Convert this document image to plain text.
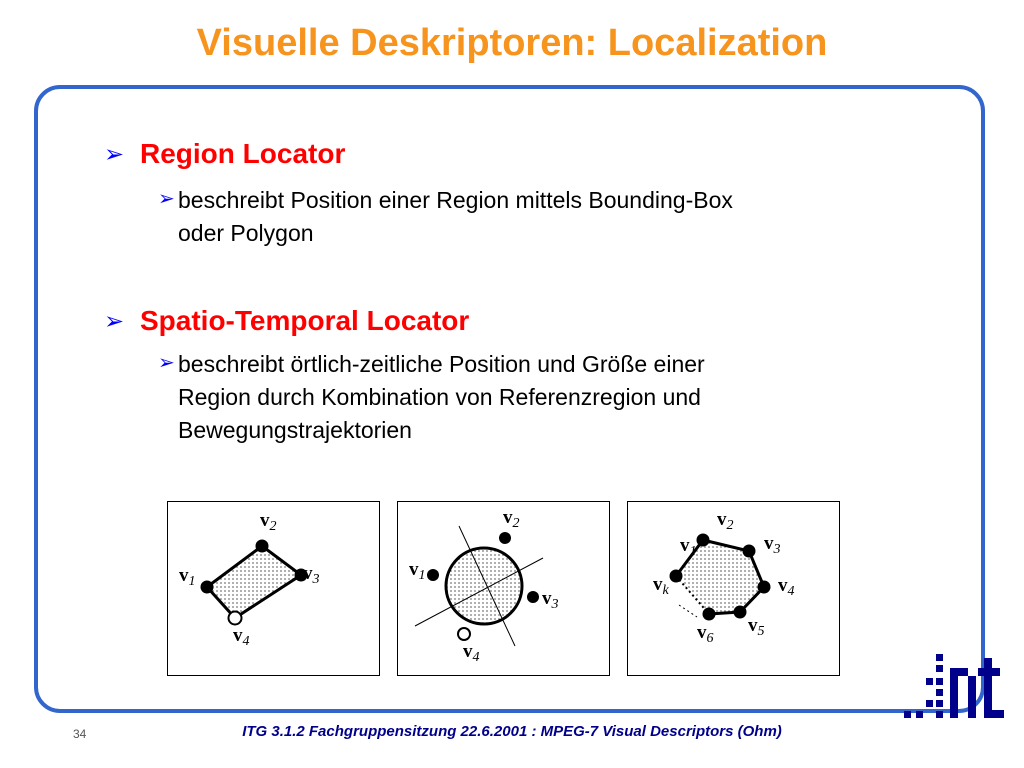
Visuelle Deskriptoren: Localization
➢ Region Locator
➢ beschreibt Position einer Region mittels Bounding-Box
oder Polygon
➢ Spatio-Temporal Locator
➢ beschreibt örtlich-zeitliche Position und Größe einer
Region durch Kombination von Referenzregion und
Bewegungstrajektorien
v2
v1	v3
v4
v2
v1
v3
v4
v2
v1	v3
vk	v4
v5
v6
34	ITG 3.1.2 Fachgruppensitzung 22.6.2001 : MPEG-7 Visual Descriptors (Ohm)
